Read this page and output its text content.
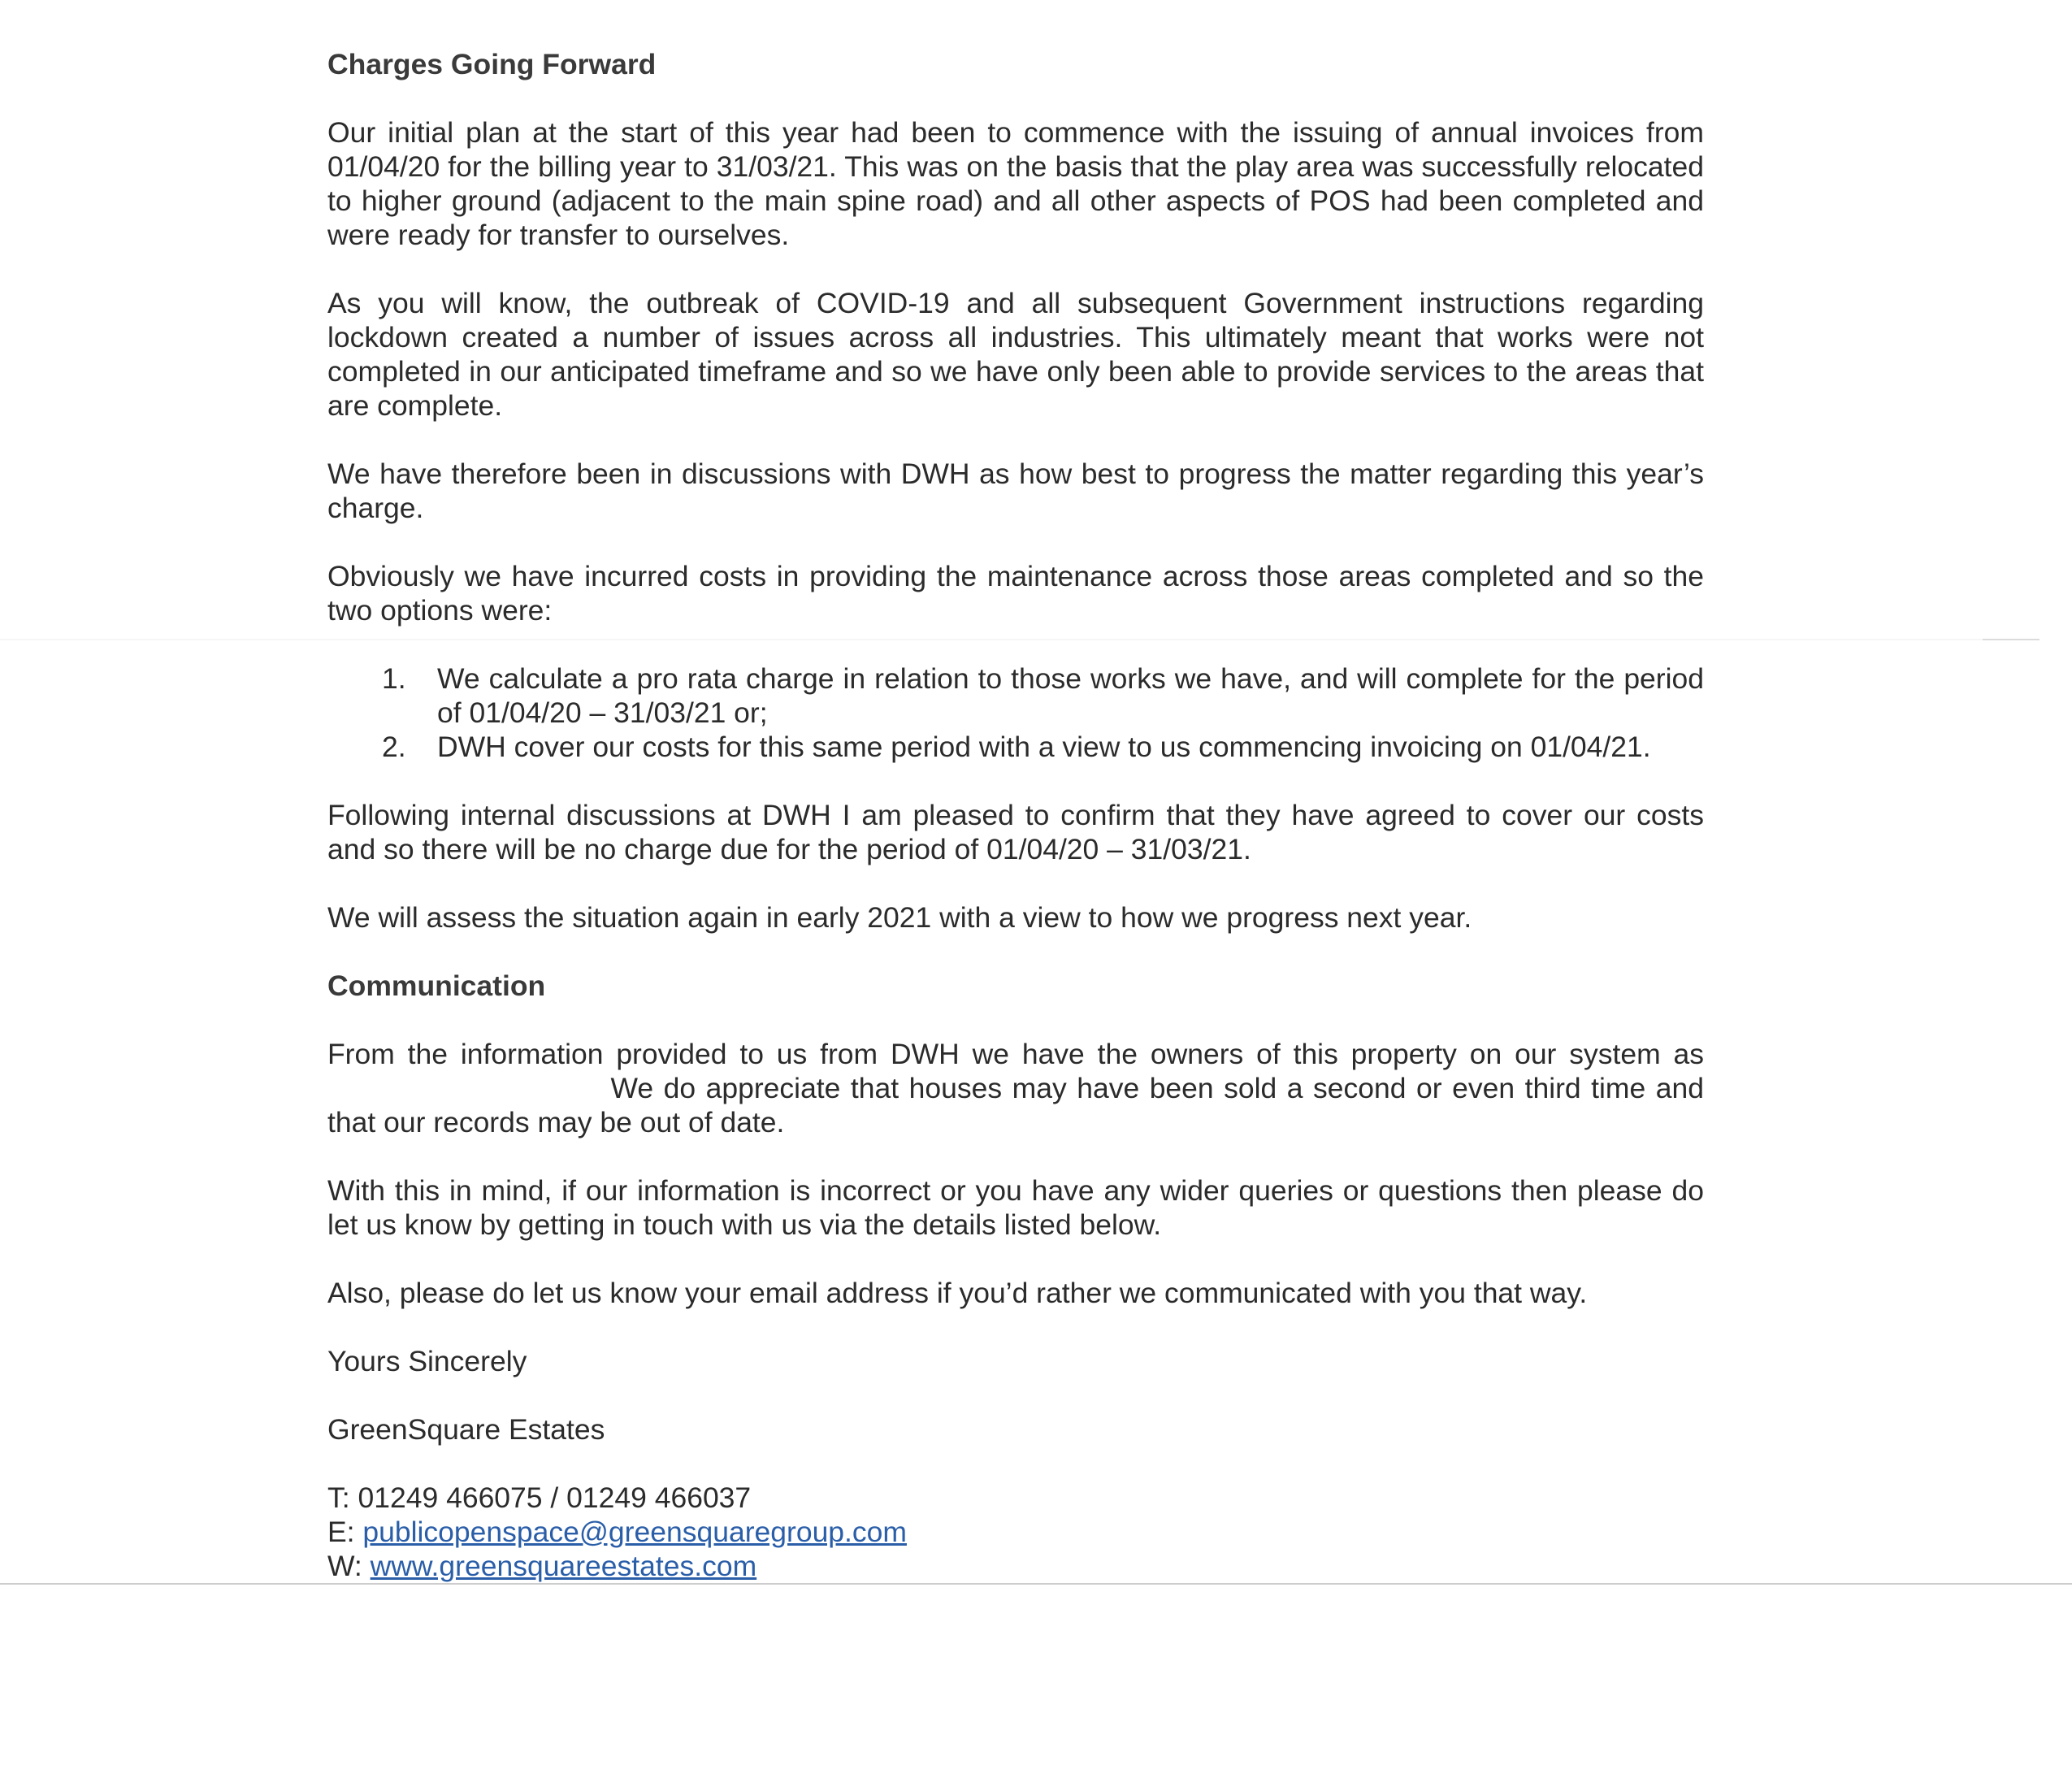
Charges Going Forward

Our initial plan at the start of this year had been to commence with the issuing of annual invoices from 01/04/20 for the billing year to 31/03/21. This was on the basis that the play area was successfully relocated to higher ground (adjacent to the main spine road) and all other aspects of POS had been completed and were ready for transfer to ourselves.

As you will know, the outbreak of COVID-19 and all subsequent Government instructions regarding lockdown created a number of issues across all industries. This ultimately meant that works were not completed in our anticipated timeframe and so we have only been able to provide services to the areas that are complete.

We have therefore been in discussions with DWH as how best to progress the matter regarding this year’s charge.

Obviously we have incurred costs in providing the maintenance across those areas completed and so the two options were:

1. We calculate a pro rata charge in relation to those works we have, and will complete for the period of 01/04/20 – 31/03/21 or;
2. DWH cover our costs for this same period with a view to us commencing invoicing on 01/04/21.

Following internal discussions at DWH I am pleased to confirm that they have agreed to cover our costs and so there will be no charge due for the period of 01/04/20 – 31/03/21.

We will assess the situation again in early 2021 with a view to how we progress next year.

Communication

From the information provided to us from DWH we have the owners of this property on our system as  We do appreciate that houses may have been sold a second or even third time and that our records may be out of date.

With this in mind, if our information is incorrect or you have any wider queries or questions then please do let us know by getting in touch with us via the details listed below.

Also, please do let us know your email address if you’d rather we communicated with you that way.

Yours Sincerely

GreenSquare Estates

T: 01249 466075 / 01249 466037

E: publicopenspace@greensquaregroup.com

W: www.greensquareestates.com
